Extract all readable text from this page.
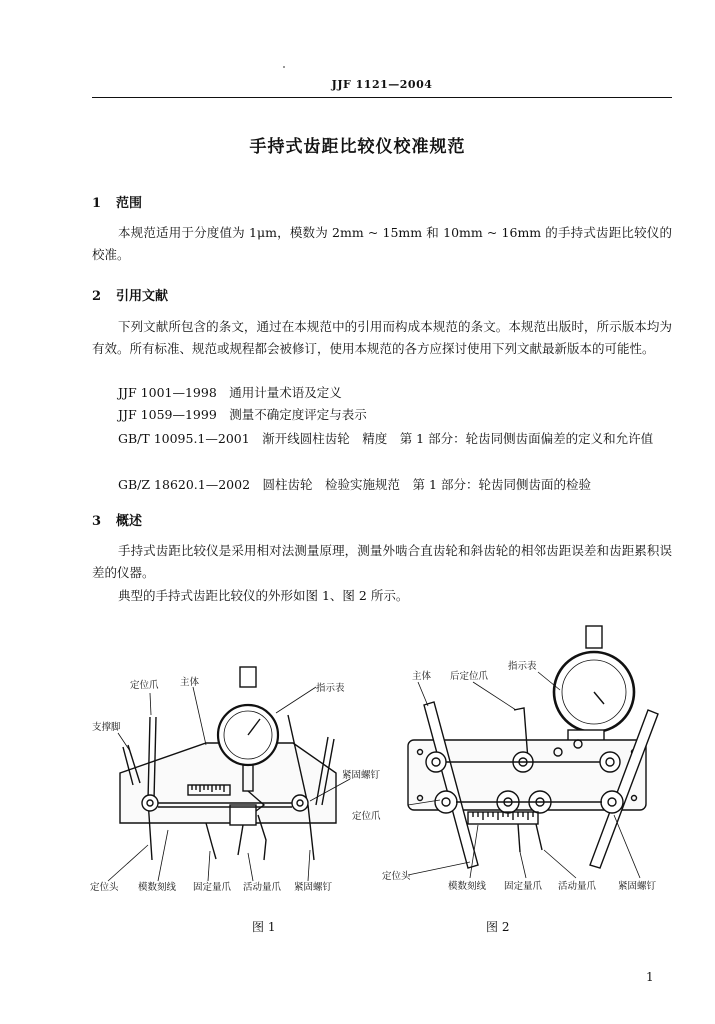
JJF 1121—2004
手持式齿距比较仪校准规范
1 范围
本规范适用于分度值为 1μm，模数为 2mm ~ 15mm 和 10mm ~ 16mm 的手持式齿距比较仪的校准。
2 引用文献
下列文献所包含的条文，通过在本规范中的引用而构成本规范的条文。本规范出版时，所示版本均为有效。所有标准、规范或规程都会被修订，使用本规范的各方应探讨使用下列文献最新版本的可能性。
JJF 1001—1998　通用计量术语及定义
JJF 1059—1999　测量不确定度评定与表示
GB/T 10095.1—2001　渐开线圆柱齿轮　精度　第 1 部分：轮齿同侧齿面偏差的定义和允许值
GB/Z 18620.1—2002　圆柱齿轮　检验实施规范　第 1 部分：轮齿同侧齿面的检验
3 概述
手持式齿距比较仪是采用相对法测量原理，测量外啮合直齿轮和斜齿轮的相邻齿距误差和齿距累积误差的仪器。
典型的手持式齿距比较仪的外形如图 1、图 2 所示。
定位爪 主体
指示表
支撑脚
紧固螺钉
定位头 模数刻线 固定量爪 活动量爪 紧固螺钉
图 1
主体 后定位爪
指示表
定位爪
定位头
模数刻线 固定量爪 活动量爪 紧固螺钉
图 2
1
